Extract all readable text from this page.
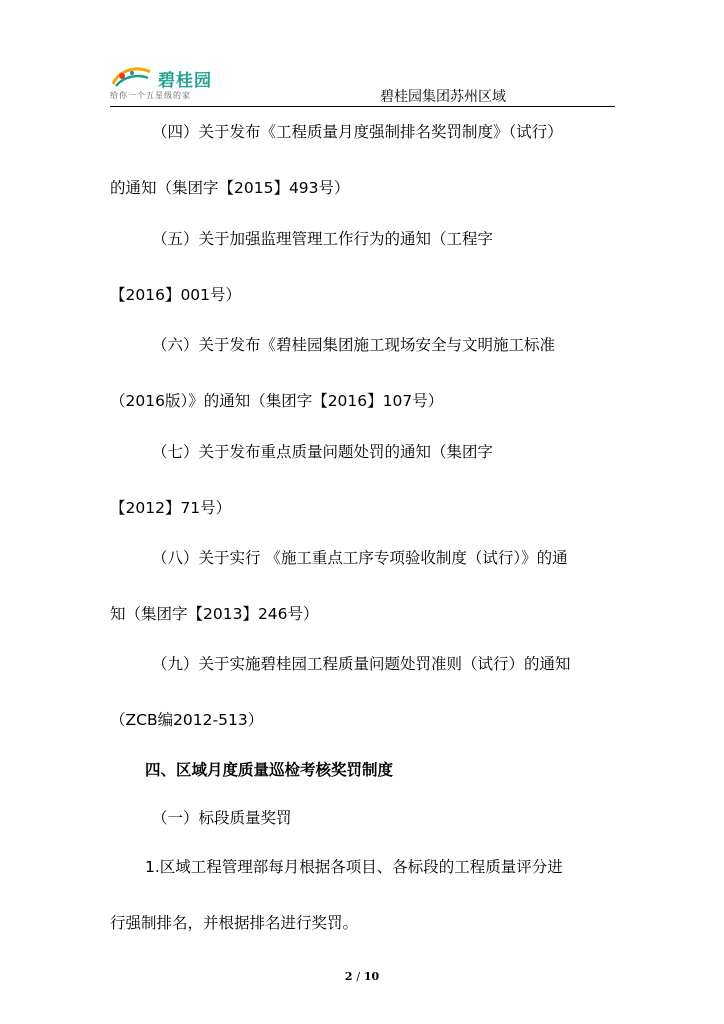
碧桂园
给你一个五星级的家	碧桂园集团苏州区域
（四）关于发布《工程质量月度强制排名奖罚制度》（试行）
的通知（集团字【2015】493号）
（五）关于加强监理管理工作行为的通知（工程字
【2016】001号）
（六）关于发布《碧桂园集团施工现场安全与文明施工标准
（2016版）》的通知（集团字【2016】107号）
（七）关于发布重点质量问题处罚的通知（集团字
【2012】71号）
（八）关于实行 《施工重点工序专项验收制度（试行）》的通
知（集团字【2013】246号）
（九）关于实施碧桂园工程质量问题处罚准则（试行）的通知
（ZCB编2012-513）
四、区域月度质量巡检考核奖罚制度
（一）标段质量奖罚
1.区域工程管理部每月根据各项目、各标段的工程质量评分进
行强制排名，并根据排名进行奖罚。
2 / 10
